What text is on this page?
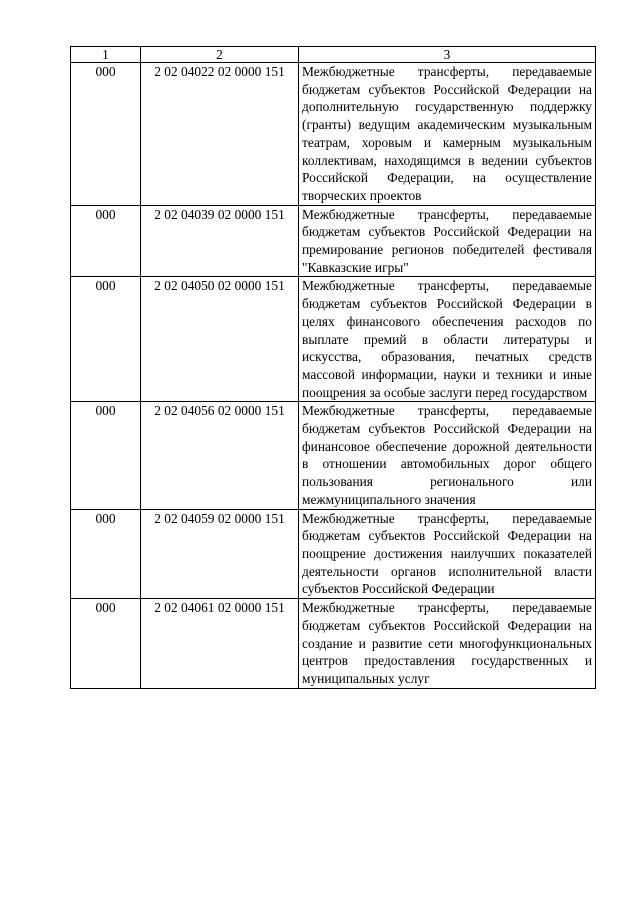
1	2	3
000	2 02 04022 02 0000 151	Межбюджетные трансферты, передаваемые бюджетам субъектов Российской Федерации на дополнительную государственную поддержку (гранты) ведущим академическим музыкальным театрам, хоровым и камерным музыкальным коллективам, находящимся в ведении субъектов Российской Федерации, на осуществление творческих проектов
000	2 02 04039 02 0000 151	Межбюджетные трансферты, передаваемые бюджетам субъектов Российской Федерации на премирование регионов победителей фестиваля "Кавказские игры"
000	2 02 04050 02 0000 151	Межбюджетные трансферты, передаваемые бюджетам субъектов Российской Федерации в целях финансового обеспечения расходов по выплате премий в области литературы и искусства, образования, печатных средств массовой информации, науки и техники и иные поощрения за особые заслуги перед государством
000	2 02 04056 02 0000 151	Межбюджетные трансферты, передаваемые бюджетам субъектов Российской Федерации на финансовое обеспечение дорожной деятельности в отношении автомобильных дорог общего пользования регионального или межмуниципального значения
000	2 02 04059 02 0000 151	Межбюджетные трансферты, передаваемые бюджетам субъектов Российской Федерации на поощрение достижения наилучших показателей деятельности органов исполнительной власти субъектов Российской Федерации
000	2 02 04061 02 0000 151	Межбюджетные трансферты, передаваемые бюджетам субъектов Российской Федерации на создание и развитие сети многофункциональных центров предоставления государственных и муниципальных услуг
